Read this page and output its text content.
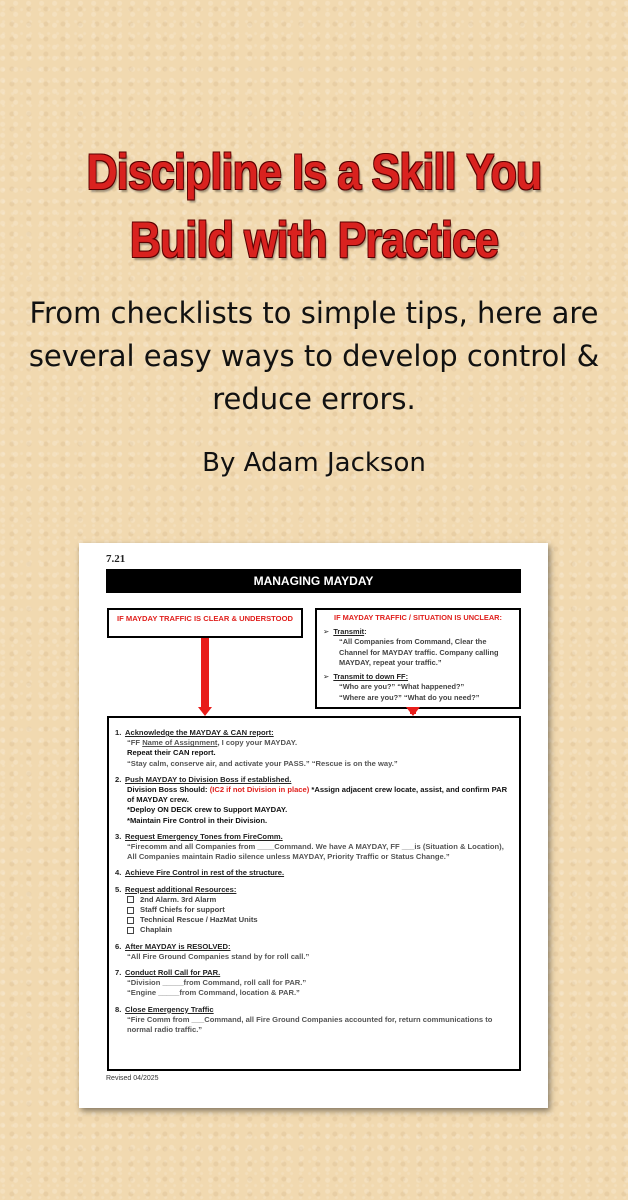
Discipline Is a Skill You
Build with Practice
From checklists to simple tips, here are several easy ways to develop control & reduce errors.
By Adam Jackson
7.21
MANAGING MAYDAY
IF MAYDAY TRAFFIC IS CLEAR & UNDERSTOOD	IF MAYDAY TRAFFIC / SITUATION IS UNCLEAR:
➢ Transmit:
“All Companies from Command, Clear the Channel for MAYDAY traffic. Company calling MAYDAY, repeat your traffic.”
➢ Transmit to down FF:
“Who are you?” “What happened?”
“Where are you?” “What do you need?”
1. Acknowledge the MAYDAY & CAN report:
“FF Name of Assignment, I copy your MAYDAY.
Repeat their CAN report.
“Stay calm, conserve air, and activate your PASS.” “Rescue is on the way.”
2. Push MAYDAY to Division Boss if established.
Division Boss Should: (IC2 if not Division in place) *Assign adjacent crew locate, assist, and confirm PAR of MAYDAY crew.
*Deploy ON DECK crew to Support MAYDAY.
*Maintain Fire Control in their Division.
3. Request Emergency Tones from FireComm.
“Firecomm and all Companies from ____Command. We have A MAYDAY, FF ___is (Situation & Location), All Companies maintain Radio silence unless MAYDAY, Priority Traffic or Status Change.”
4. Achieve Fire Control in rest of the structure.
5. Request additional Resources:
2nd Alarm. 3rd Alarm
Staff Chiefs for support
Technical Rescue / HazMat Units
Chaplain
6. After MAYDAY is RESOLVED:
“All Fire Ground Companies stand by for roll call.”
7. Conduct Roll Call for PAR.
“Division _____from Command, roll call for PAR.”
“Engine _____from Command, location & PAR.”
8. Close Emergency Traffic
“Fire Comm from ___Command, all Fire Ground Companies accounted for, return communications to normal radio traffic.”
Revised 04/2025
